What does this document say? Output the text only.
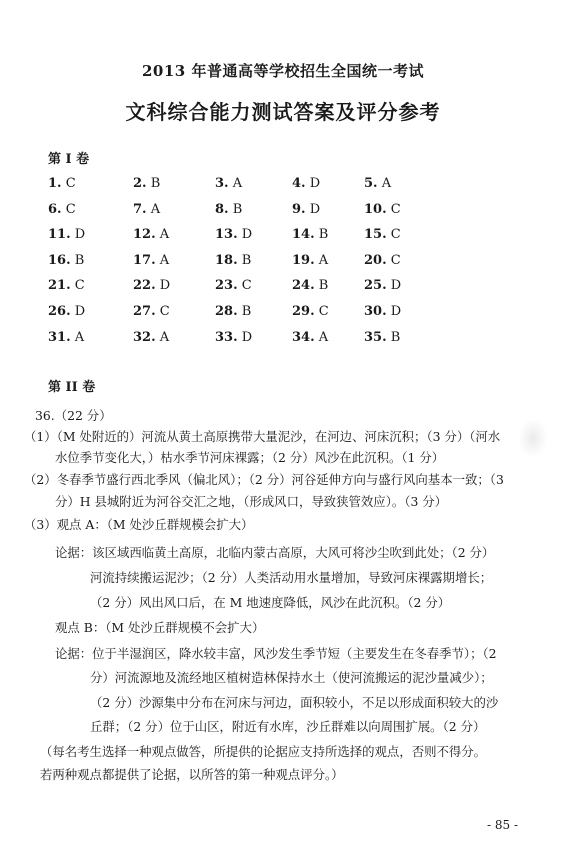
2013 年普通高等学校招生全国统一考试
文科综合能力测试答案及评分参考
第 I 卷
1. C	2. B	3. A	4. D	5. A
6. C	7. A	8. B	9. D	10. C
11. D	12. A	13. D	14. B	15. C
16. B	17. A	18. B	19. A	20. C
21. C	22. D	23. C	24. B	25. D
26. D	27. C	28. B	29. C	30. D
31. A	32. A	33. D	34. A	35. B
第 II 卷
36.（22 分）
（1）（M 处附近的）河流从黄土高原携带大量泥沙，在河边、河床沉积；（3 分）（河水
水位季节变化大，）枯水季节河床裸露；（2 分）风沙在此沉积。（1 分）
（2）冬春季节盛行西北季风（偏北风）；（2 分）河谷延伸方向与盛行风向基本一致；（3
分）H 县城附近为河谷交汇之地，（形成风口，导致狭管效应）。（3 分）
（3）观点 A：（M 处沙丘群规模会扩大）
论据：该区域西临黄土高原，北临内蒙古高原，大风可将沙尘吹到此处；（2 分）
河流持续搬运泥沙；（2 分）人类活动用水量增加，导致河床裸露期增长；
（2 分）风出风口后，在 M 地速度降低，风沙在此沉积。（2 分）
观点 B：（M 处沙丘群规模不会扩大）
论据：位于半湿润区，降水较丰富，风沙发生季节短（主要发生在冬春季节）；（2
分）河流源地及流经地区植树造林保持水土（使河流搬运的泥沙量减少）；
（2 分）沙源集中分布在河床与河边，面积较小，不足以形成面积较大的沙
丘群；（2 分）位于山区，附近有水库，沙丘群难以向周围扩展。（2 分）
（每名考生选择一种观点做答，所提供的论据应支持所选择的观点，否则不得分。
若两种观点都提供了论据，以所答的第一种观点评分。）
- 85 -
